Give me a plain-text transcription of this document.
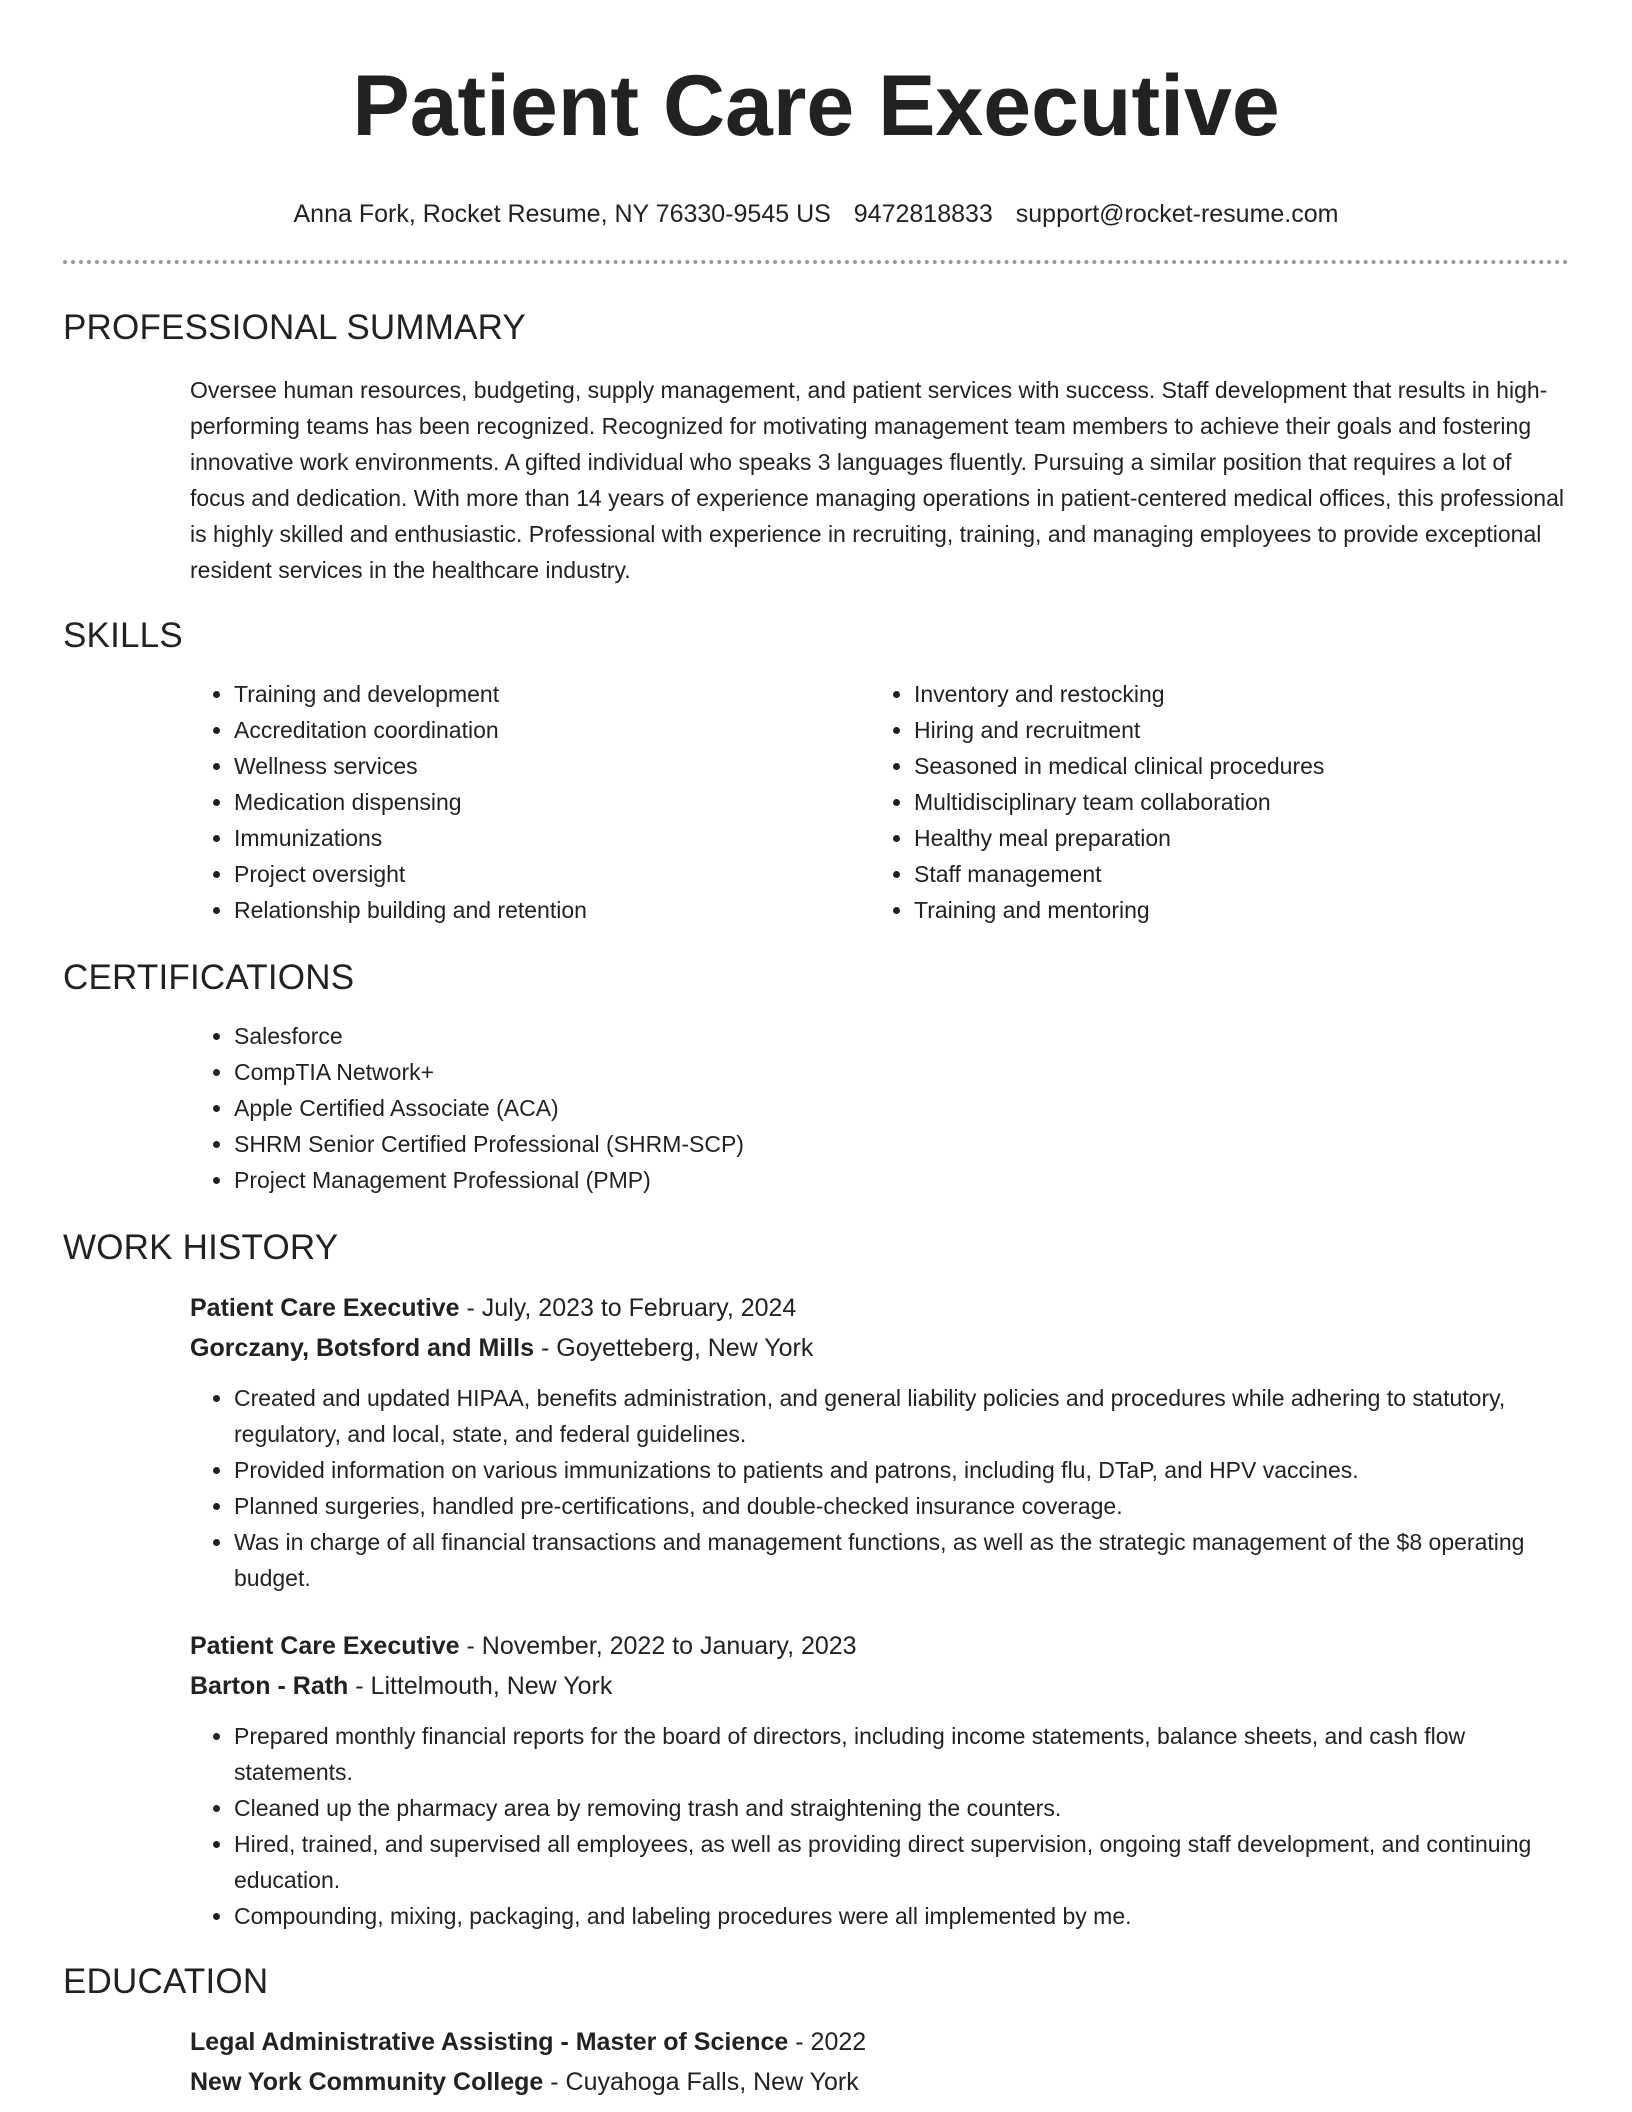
Patient Care Executive
Anna Fork, Rocket Resume, NY 76330-9545 US 9472818833 support@rocket-resume.com
PROFESSIONAL SUMMARY
Oversee human resources, budgeting, supply management, and patient services with success. Staff development that results in high-performing teams has been recognized. Recognized for motivating management team members to achieve their goals and fostering innovative work environments. A gifted individual who speaks 3 languages fluently. Pursuing a similar position that requires a lot of focus and dedication. With more than 14 years of experience managing operations in patient-centered medical offices, this professional is highly skilled and enthusiastic. Professional with experience in recruiting, training, and managing employees to provide exceptional resident services in the healthcare industry.
SKILLS
• Training and development
• Accreditation coordination
• Wellness services
• Medication dispensing
• Immunizations
• Project oversight
• Relationship building and retention
• Inventory and restocking
• Hiring and recruitment
• Seasoned in medical clinical procedures
• Multidisciplinary team collaboration
• Healthy meal preparation
• Staff management
• Training and mentoring
CERTIFICATIONS
• Salesforce
• CompTIA Network+
• Apple Certified Associate (ACA)
• SHRM Senior Certified Professional (SHRM-SCP)
• Project Management Professional (PMP)
WORK HISTORY
Patient Care Executive - July, 2023 to February, 2024
Gorczany, Botsford and Mills - Goyetteberg, New York
• Created and updated HIPAA, benefits administration, and general liability policies and procedures while adhering to statutory, regulatory, and local, state, and federal guidelines.
• Provided information on various immunizations to patients and patrons, including flu, DTaP, and HPV vaccines.
• Planned surgeries, handled pre-certifications, and double-checked insurance coverage.
• Was in charge of all financial transactions and management functions, as well as the strategic management of the $8 operating budget.
Patient Care Executive - November, 2022 to January, 2023
Barton - Rath - Littelmouth, New York
• Prepared monthly financial reports for the board of directors, including income statements, balance sheets, and cash flow statements.
• Cleaned up the pharmacy area by removing trash and straightening the counters.
• Hired, trained, and supervised all employees, as well as providing direct supervision, ongoing staff development, and continuing education.
• Compounding, mixing, packaging, and labeling procedures were all implemented by me.
EDUCATION
Legal Administrative Assisting - Master of Science - 2022
New York Community College - Cuyahoga Falls, New York
